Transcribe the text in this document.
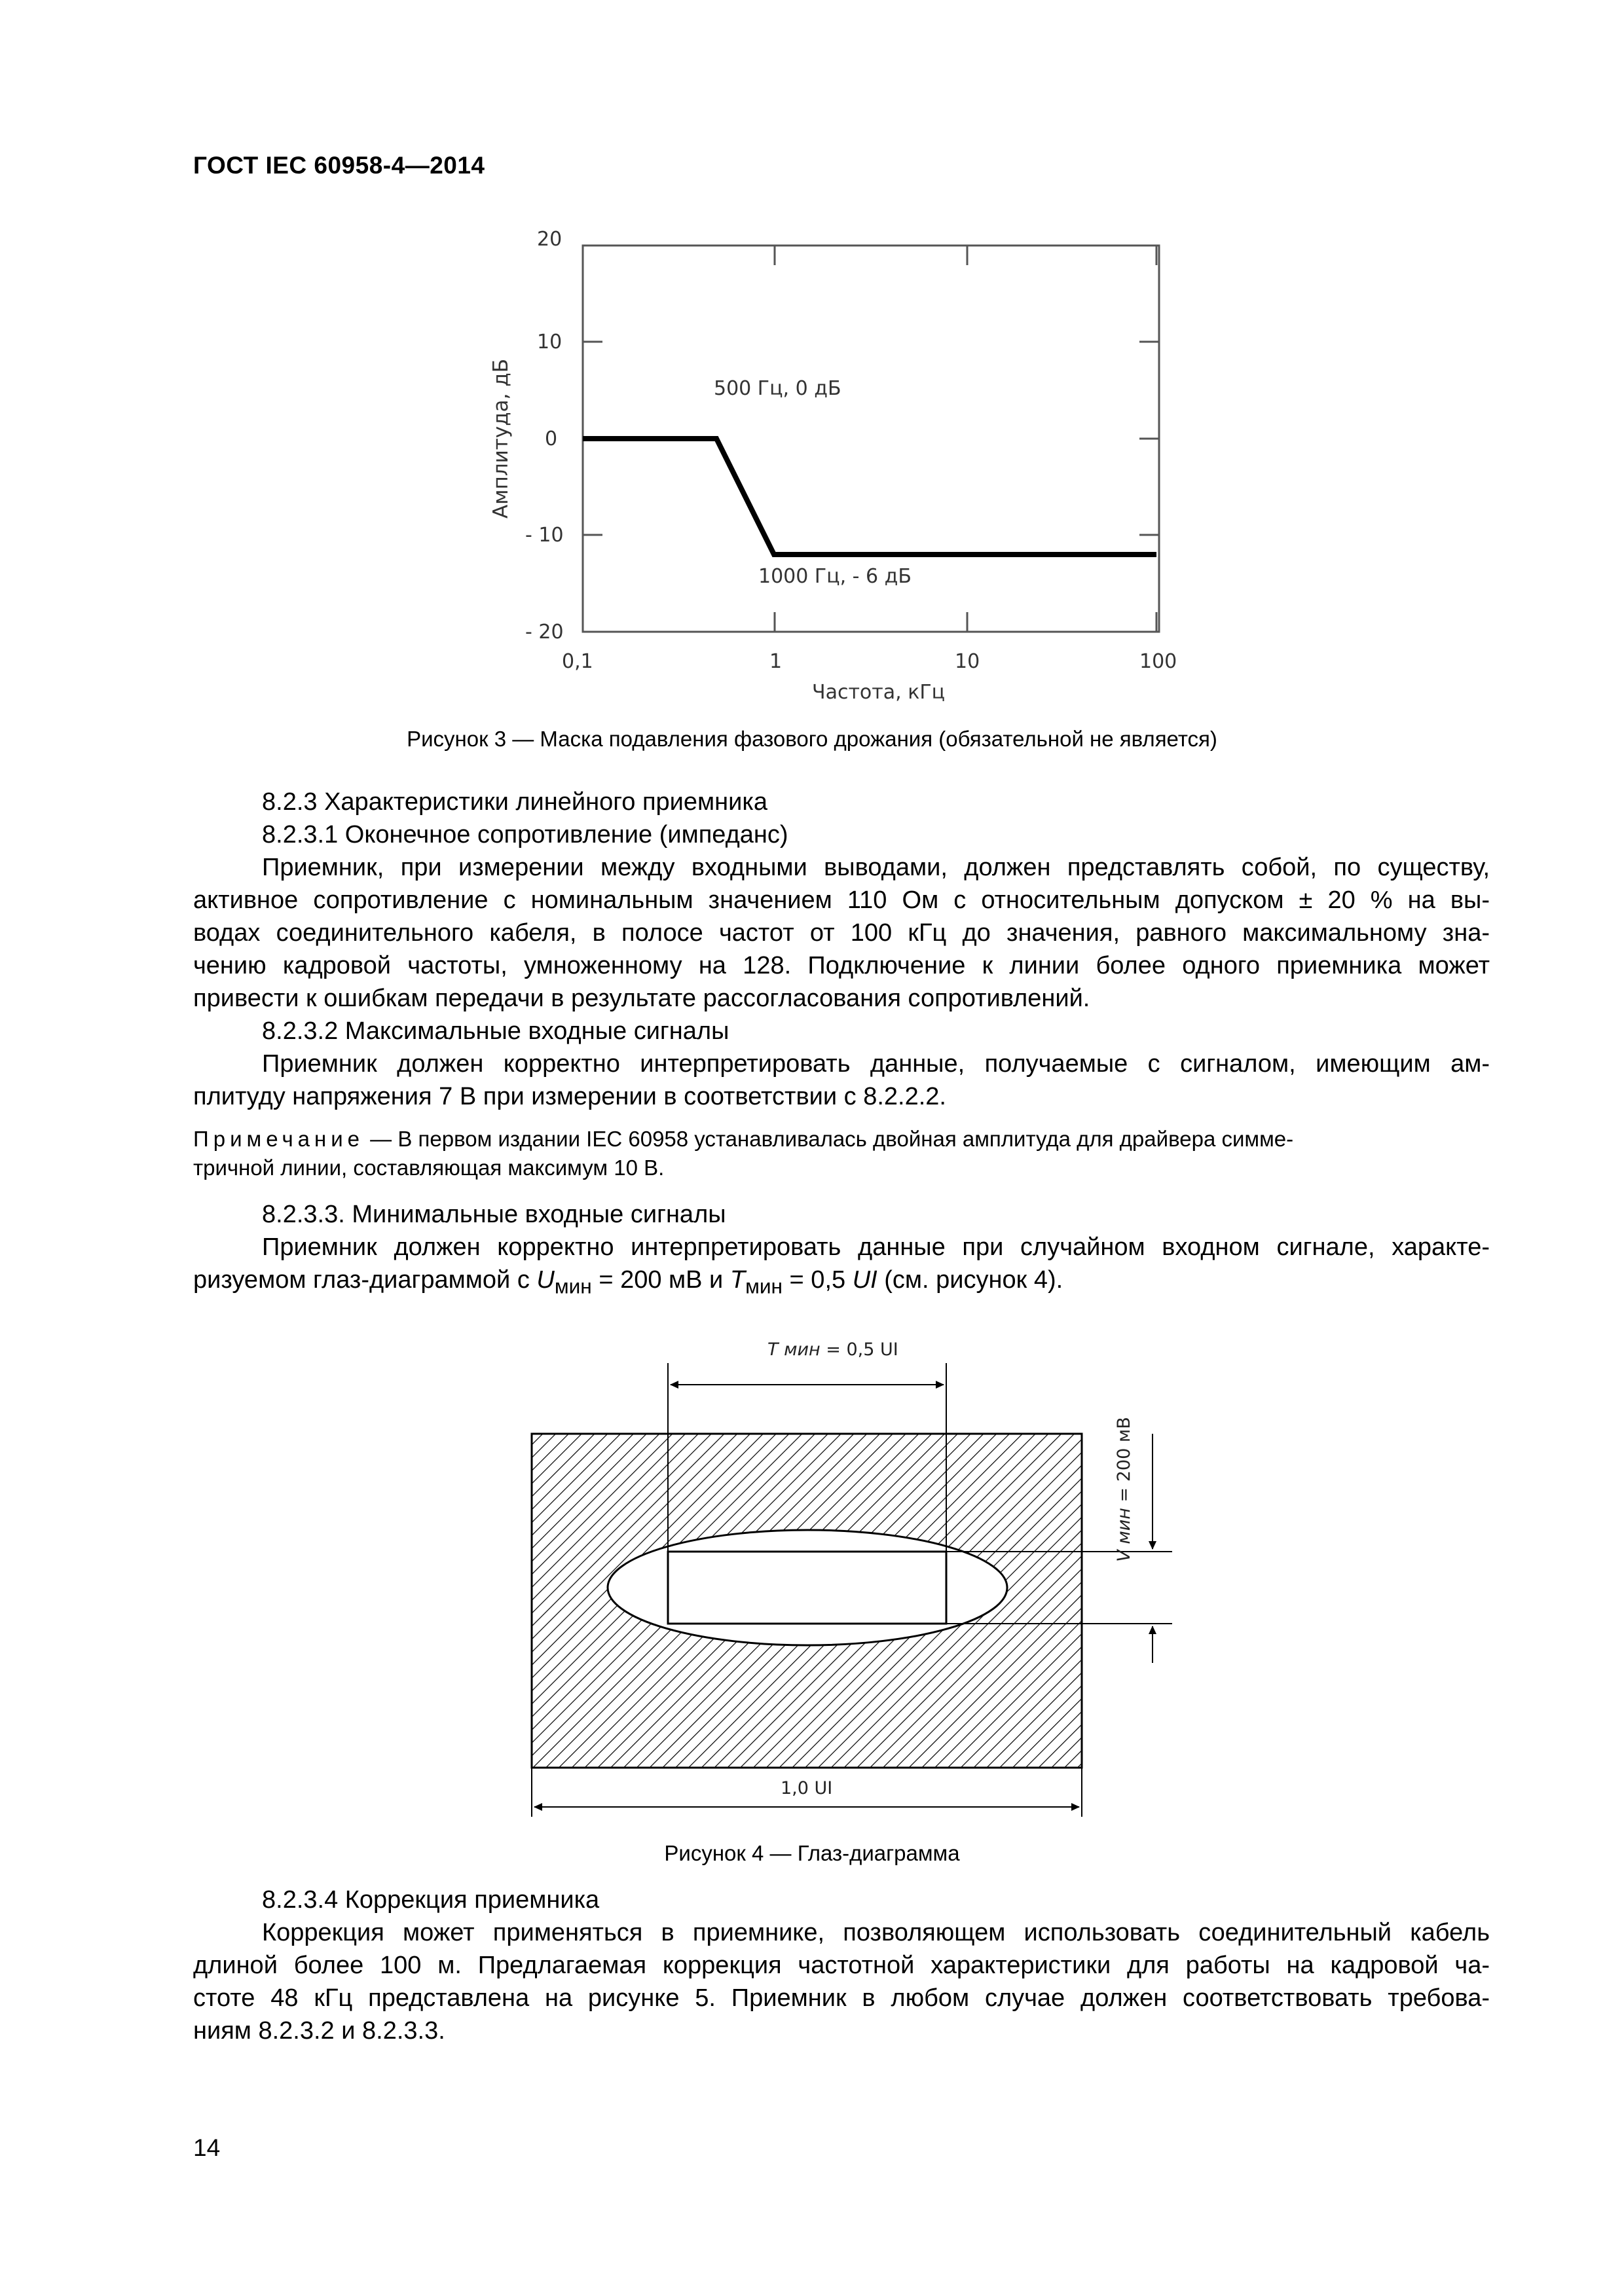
ГОСТ IEC 60958-4—2014
20
10
0
- 10
- 20
0,1	1	10	100
Частота, кГц
Амплитуда, дБ	500 Гц, 0 дБ
1000 Гц, - 6 дБ
Рисунок 3 — Маска подавления фазового дрожания (обязательной не является)

8.2.3 Характеристики линейного приемника

8.2.3.1 Оконечное сопротивление (импеданс)

Приемник, при измерении между входными выводами, должен представлять собой, по существу,

активное сопротивление с номинальным значением 110 Ом с относительным допуском ± 20 % на вы-

водах соединительного кабеля, в полосе частот от 100 кГц до значения, равного максимальному зна-

чению кадровой частоты, умноженному на 128. Подключение к линии более одного приемника может

привести к ошибкам передачи в результате рассогласования сопротивлений.

8.2.3.2 Максимальные входные сигналы

Приемник должен корректно интерпретировать данные, получаемые с сигналом, имеющим ам-

плитуду напряжения 7 В при измерении в соответствии с 8.2.2.2.

Примечание — В первом издании IEC 60958 устанавливалась двойная амплитуда для драйвера симме-

тричной линии, составляющая максимум 10 В.

8.2.3.3. Минимальные входные сигналы

Приемник должен корректно интерпретировать данные при случайном входном сигнале, характе-

ризуемом глаз-диаграммой с $U_{мин} = 200$ мВ и $T_{мин} = 0,5$ UI (см. рисунок 4).

Т мин = 0,5 UI
V мин = 200 мВ
1,0 UI
Рисунок 4 — Глаз-диаграмма

8.2.3.4 Коррекция приемника

Коррекция может применяться в приемнике, позволяющем использовать соединительный кабель

длиной более 100 м. Предлагаемая коррекция частотной характеристики для работы на кадровой ча-

стоте 48 кГц представлена на рисунке 5. Приемник в любом случае должен соответствовать требова-

ниям 8.2.3.2 и 8.2.3.3.

14
